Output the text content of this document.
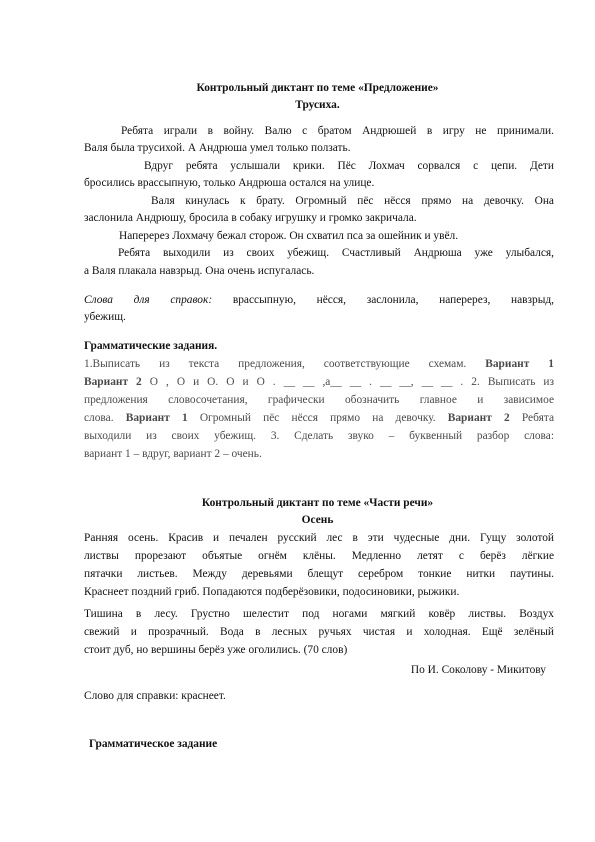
Контрольный диктант по теме «Предложение»
Трусиха.
Ребята играли в войну. Валю с братом Андрюшей в игру не принимали.
Валя была трусихой. А Андрюша умел только ползать.
Вдруг ребята услышали крики. Пёс Лохмач сорвался с цепи. Дети
бросились врассыпную, только Андрюша остался на улице.
Валя кинулась к брату. Огромный пёс нёсся прямо на девочку. Она
заслонила Андрюшу, бросила в собаку игрушку и громко закричала.
Наперерез Лохмачу бежал сторож. Он схватил пса за ошейник и увёл.
Ребята выходили из своих убежищ. Счастливый Андрюша уже улыбался,
а Валя плакала навзрыд. Она очень испугалась.
Слова для справок: врассыпную, нёсся, заслонила, наперерез, навзрыд,
убежищ.
Грамматические задания.
1.Выписать из текста предложения, соответствующие схемам. Вариант 1
Вариант 2 О , О и О. О и О . __ __ ,а__ __ . __ __, __ __ . 2. Выписать из
предложения словосочетания, графически обозначить главное и зависимое
слова. Вариант 1 Огромный пёс нёсся прямо на девочку. Вариант 2 Ребята
выходили из своих убежищ. 3. Сделать звуко – буквенный разбор слова:
вариант 1 – вдруг, вариант 2 – очень.
Контрольный диктант по теме «Части речи»
Осень
Ранняя осень. Красив и печален русский лес в эти чудесные дни. Гущу золотой
листвы прорезают объятые огнём клёны. Медленно летят с берёз лёгкие
пятачки листьев. Между деревьями блещут серебром тонкие нитки паутины.
Краснеет поздний гриб. Попадаются подберёзовики, подосиновики, рыжики.
Тишина в лесу. Грустно шелестит под ногами мягкий ковёр листвы. Воздух
свежий и прозрачный. Вода в лесных ручьях чистая и холодная. Ещё зелёный
стоит дуб, но вершины берёз уже оголились. (70 слов)
По И. Соколову - Микитову
Слово для справки: краснеет.
Грамматическое задание
